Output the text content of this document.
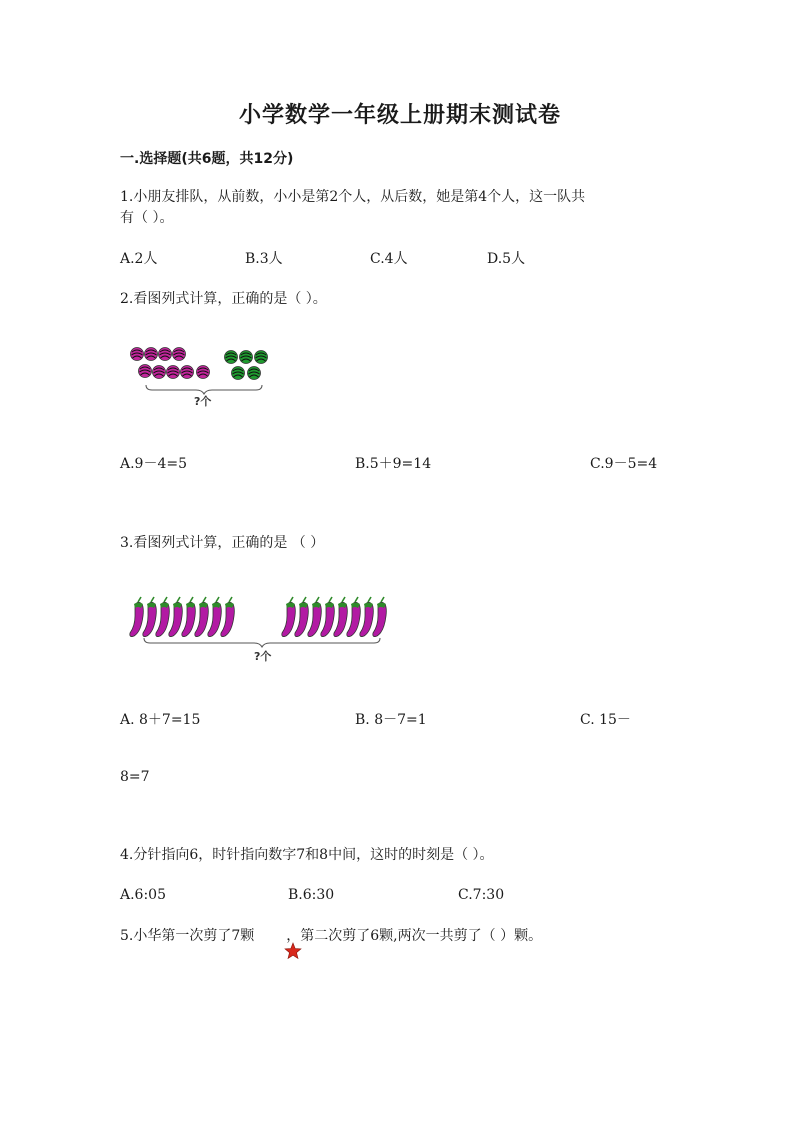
小学数学一年级上册期末测试卷
一.选择题(共6题，共12分)
1.小朋友排队，从前数，小小是第2个人，从后数，她是第4个人，这一队共
有（ ）。
A.2人	B.3人	C.4人	D.5人
2.看图列式计算，正确的是（ ）。
?个
A.9－4=5	B.5＋9=14	C.9－5=4
3.看图列式计算，正确的是 （ ）
?个
A. 8＋7=15	B. 8－7=1	C. 15－
8=7
4.分针指向6，时针指向数字7和8中间，这时的时刻是（ ）。
A.6:05	B.6:30	C.7:30
5.小华第一次剪了7颗 ，第二次剪了6颗,两次一共剪了（ ）颗。
